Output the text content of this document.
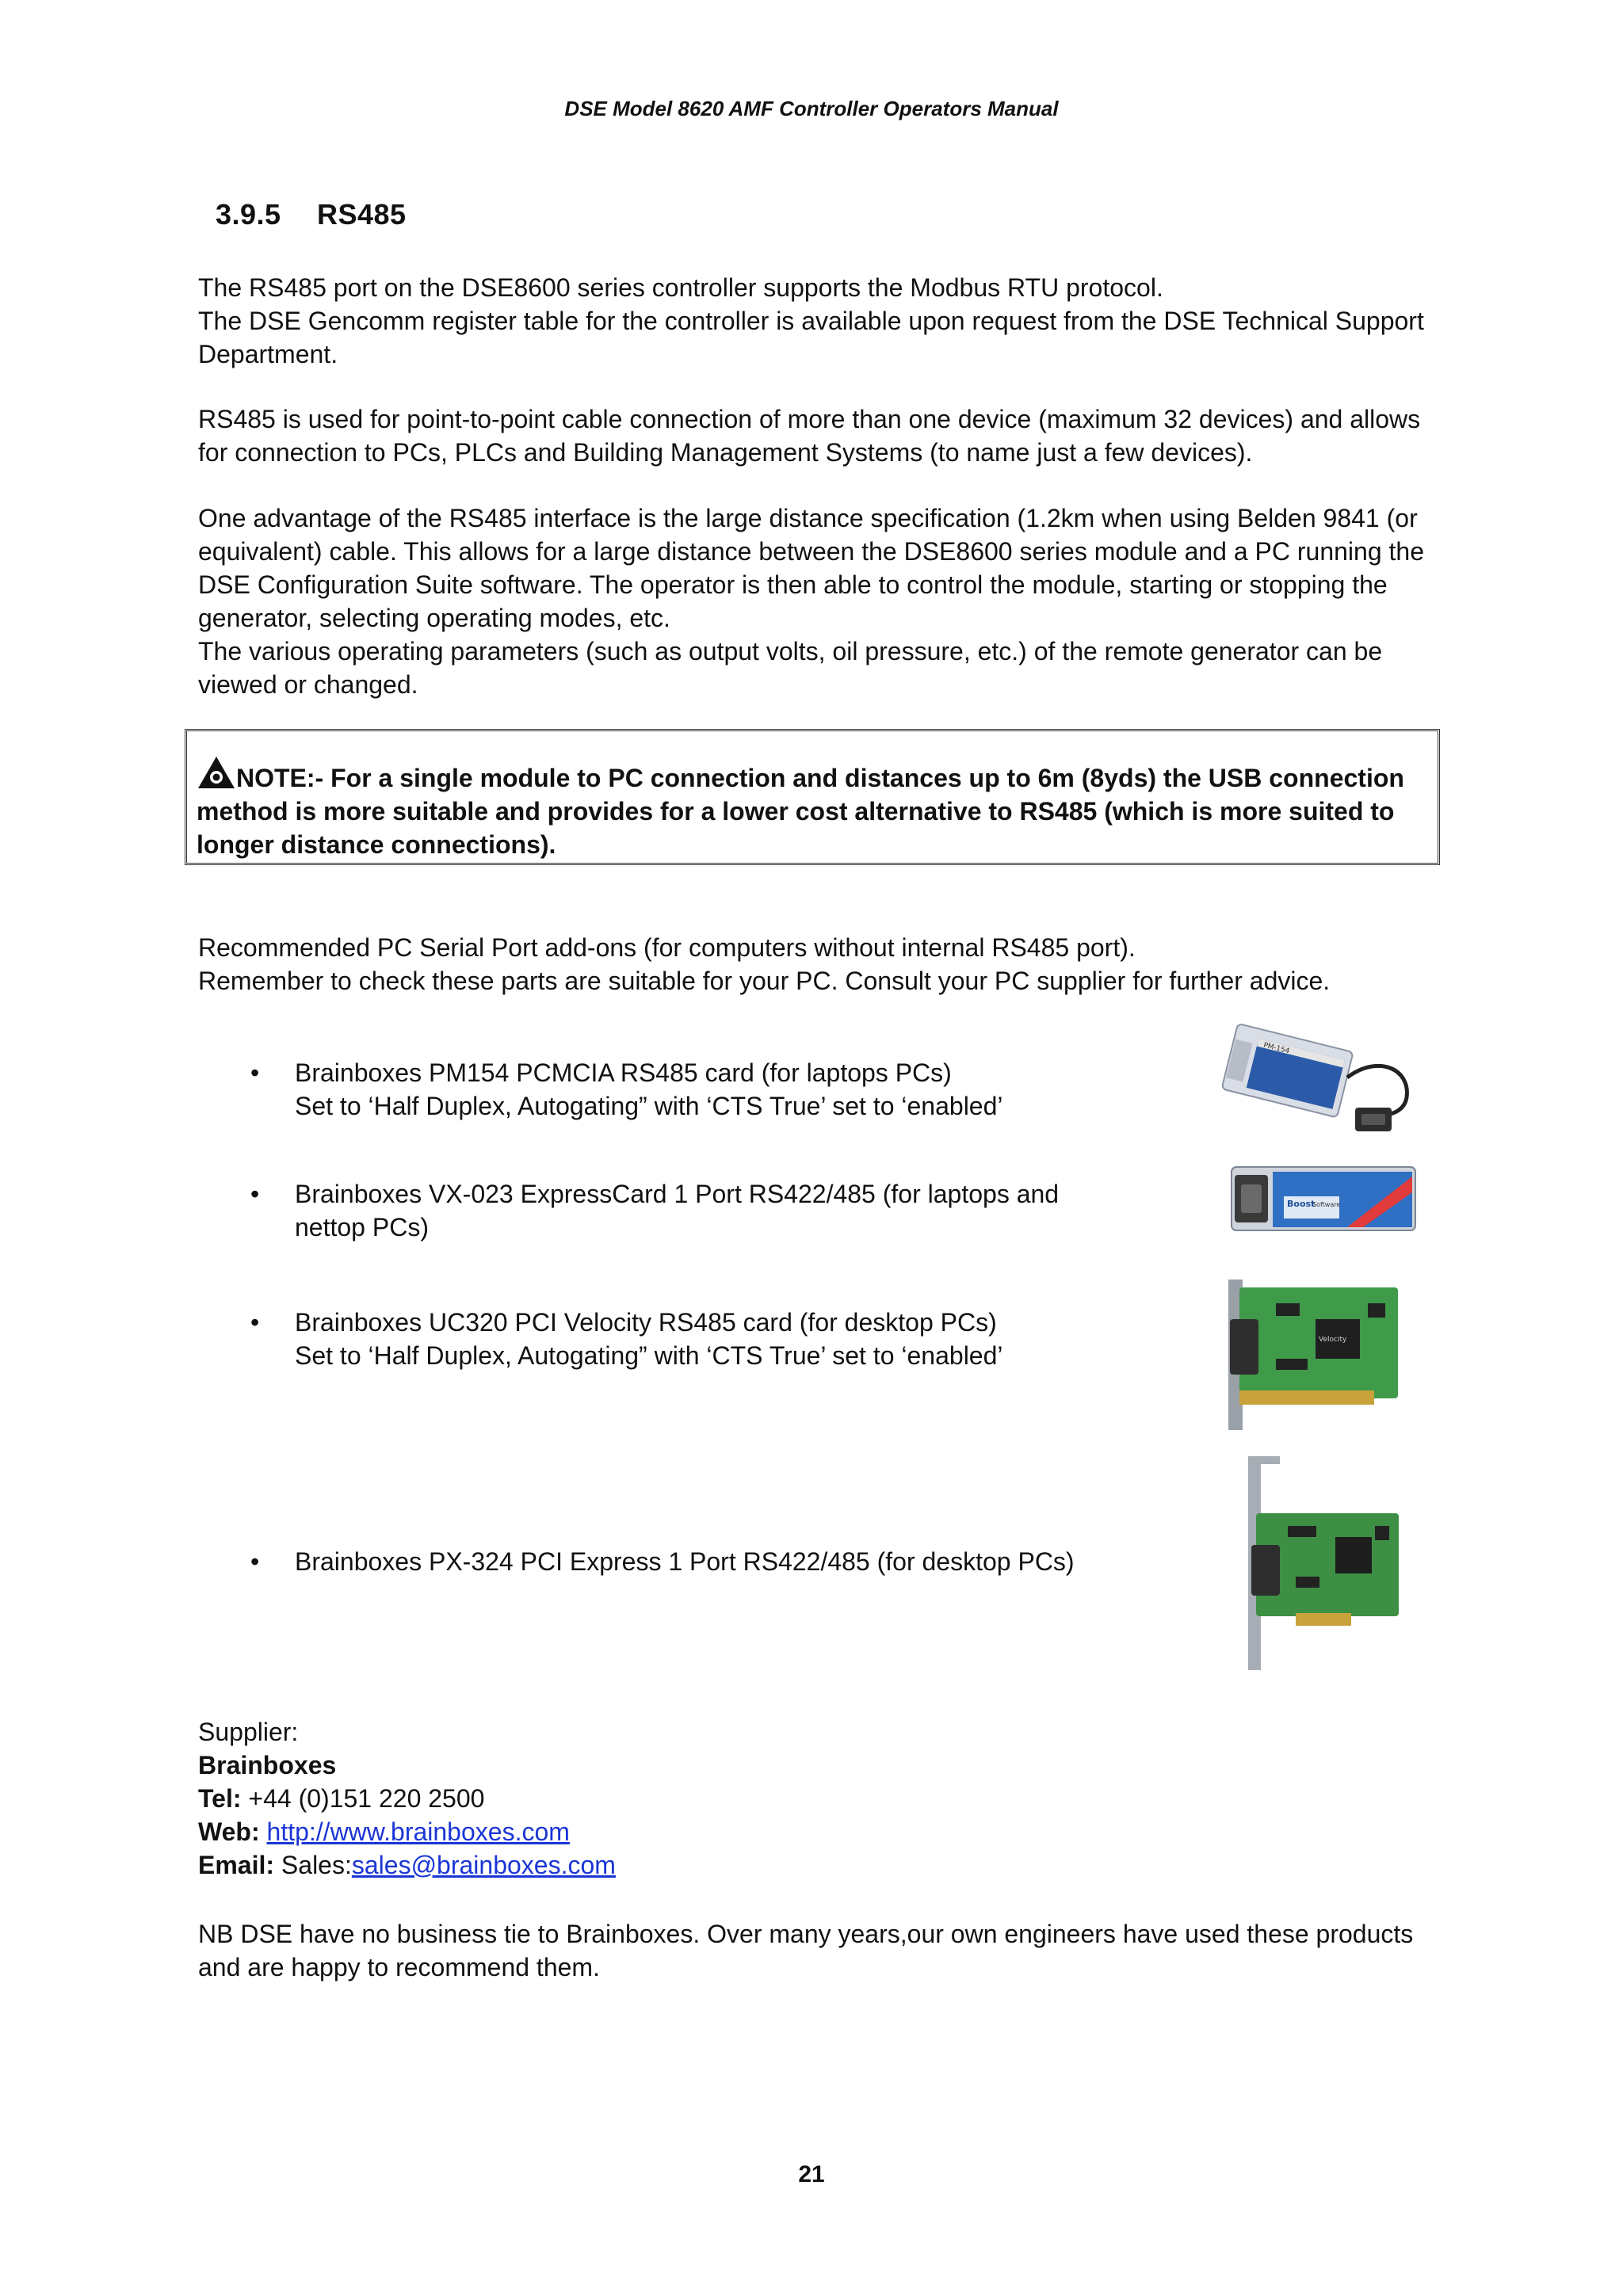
DSE Model 8620 AMF Controller Operators Manual
3.9.5 RS485

The RS485 port on the DSE8600 series controller supports the Modbus RTU protocol.

The DSE Gencomm register table for the controller is available upon request from the DSE Technical Support Department.

RS485 is used for point-to-point cable connection of more than one device (maximum 32 devices) and allows for connection to PCs, PLCs and Building Management Systems (to name just a few devices).

One advantage of the RS485 interface is the large distance specification (1.2km when using Belden 9841 (or equivalent) cable. This allows for a large distance between the DSE8600 series module and a PC running the DSE Configuration Suite software. The operator is then able to control the module, starting or stopping the generator, selecting operating modes, etc.

The various operating parameters (such as output volts, oil pressure, etc.) of the remote generator can be viewed or changed.

NOTE:- For a single module to PC connection and distances up to 6m (8yds) the USB connection method is more suitable and provides for a lower cost alternative to RS485 (which is more suited to longer distance connections).

Recommended PC Serial Port add-ons (for computers without internal RS485 port).

Remember to check these parts are suitable for your PC. Consult your PC supplier for further advice.

• Brainboxes PM154 PCMCIA RS485 card (for laptops PCs)
Set to ‘Half Duplex, Autogating” with ‘CTS True’ set to ‘enabled’
• Brainboxes VX-023 ExpressCard 1 Port RS422/485 (for laptops and nettop PCs)
• Brainboxes UC320 PCI Velocity RS485 card (for desktop PCs)
Set to ‘Half Duplex, Autogating” with ‘CTS True’ set to ‘enabled’
• Brainboxes PX-324 PCI Express 1 Port RS422/485 (for desktop PCs)
PM-154
Boost
Software
Velocity
Supplier:
Brainboxes
Tel: +44 (0)151 220 2500
Web: http://www.brainboxes.com
Email: Sales:sales@brainboxes.com
NB DSE have no business tie to Brainboxes. Over many years,our own engineers have used these products and are happy to recommend them.
21
